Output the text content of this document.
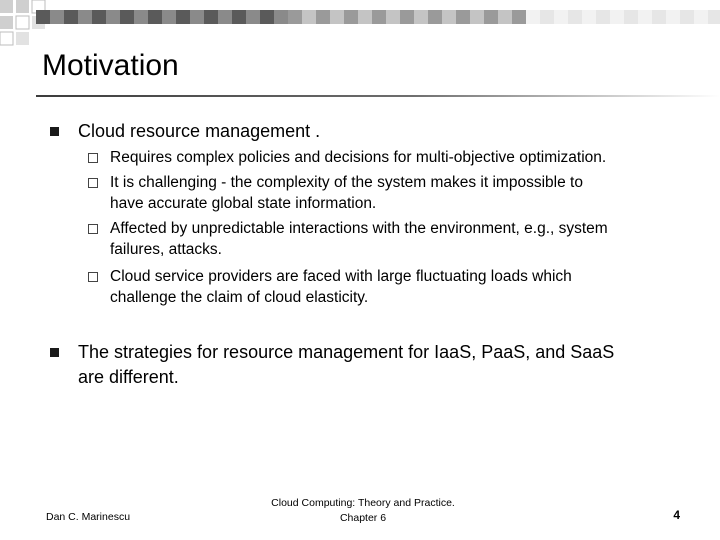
Motivation
Cloud resource management .
Requires complex policies and decisions for multi-objective optimization.
It is challenging - the complexity of the system makes it impossible to
have accurate global state information.
Affected by unpredictable interactions with the environment, e.g., system
failures, attacks.
Cloud service providers are faced with large fluctuating loads which
challenge the claim of cloud elasticity.
The strategies for resource management for IaaS, PaaS, and SaaS
are different.
Dan C. Marinescu
Cloud Computing: Theory and Practice.
Chapter 6	4
